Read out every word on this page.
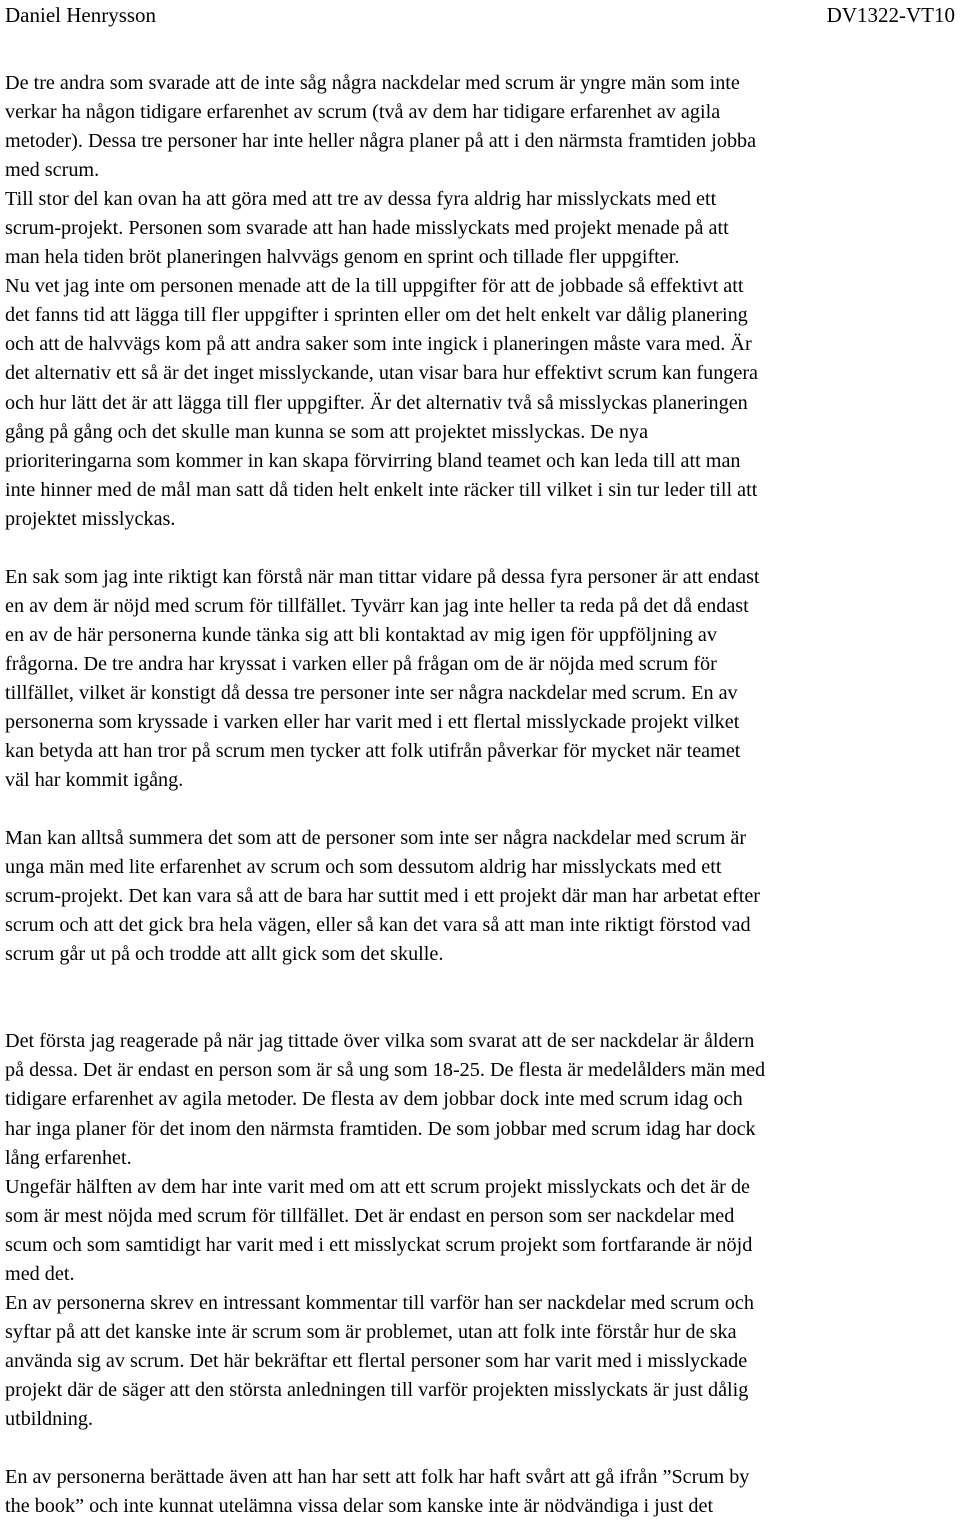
Daniel Henrysson	DV1322-VT10

De tre andra som svarade att de inte såg några nackdelar med scrum är yngre män som inte
verkar ha någon tidigare erfarenhet av scrum (två av dem har tidigare erfarenhet av agila
metoder). Dessa tre personer har inte heller några planer på att i den närmsta framtiden jobba
med scrum.
Till stor del kan ovan ha att göra med att tre av dessa fyra aldrig har misslyckats med ett
scrum-projekt. Personen som svarade att han hade misslyckats med projekt menade på att
man hela tiden bröt planeringen halvvägs genom en sprint och tillade fler uppgifter.
Nu vet jag inte om personen menade att de la till uppgifter för att de jobbade så effektivt att
det fanns tid att lägga till fler uppgifter i sprinten eller om det helt enkelt var dålig planering
och att de halvvägs kom på att andra saker som inte ingick i planeringen måste vara med. Är
det alternativ ett så är det inget misslyckande, utan visar bara hur effektivt scrum kan fungera
och hur lätt det är att lägga till fler uppgifter. Är det alternativ två så misslyckas planeringen
gång på gång och det skulle man kunna se som att projektet misslyckas. De nya
prioriteringarna som kommer in kan skapa förvirring bland teamet och kan leda till att man
inte hinner med de mål man satt då tiden helt enkelt inte räcker till vilket i sin tur leder till att
projektet misslyckas.

En sak som jag inte riktigt kan förstå när man tittar vidare på dessa fyra personer är att endast
en av dem är nöjd med scrum för tillfället. Tyvärr kan jag inte heller ta reda på det då endast
en av de här personerna kunde tänka sig att bli kontaktad av mig igen för uppföljning av
frågorna. De tre andra har kryssat i varken eller på frågan om de är nöjda med scrum för
tillfället, vilket är konstigt då dessa tre personer inte ser några nackdelar med scrum. En av
personerna som kryssade i varken eller har varit med i ett flertal misslyckade projekt vilket
kan betyda att han tror på scrum men tycker att folk utifrån påverkar för mycket när teamet
väl har kommit igång.

Man kan alltså summera det som att de personer som inte ser några nackdelar med scrum är
unga män med lite erfarenhet av scrum och som dessutom aldrig har misslyckats med ett
scrum-projekt. Det kan vara så att de bara har suttit med i ett projekt där man har arbetat efter
scrum och att det gick bra hela vägen, eller så kan det vara så att man inte riktigt förstod vad
scrum går ut på och trodde att allt gick som det skulle.

Det första jag reagerade på när jag tittade över vilka som svarat att de ser nackdelar är åldern
på dessa. Det är endast en person som är så ung som 18-25. De flesta är medelålders män med
tidigare erfarenhet av agila metoder. De flesta av dem jobbar dock inte med scrum idag och
har inga planer för det inom den närmsta framtiden. De som jobbar med scrum idag har dock
lång erfarenhet.
Ungefär hälften av dem har inte varit med om att ett scrum projekt misslyckats och det är de
som är mest nöjda med scrum för tillfället. Det är endast en person som ser nackdelar med
scum och som samtidigt har varit med i ett misslyckat scrum projekt som fortfarande är nöjd
med det.
En av personerna skrev en intressant kommentar till varför han ser nackdelar med scrum och
syftar på att det kanske inte är scrum som är problemet, utan att folk inte förstår hur de ska
använda sig av scrum. Det här bekräftar ett flertal personer som har varit med i misslyckade
projekt där de säger att den största anledningen till varför projekten misslyckats är just dålig
utbildning.

En av personerna berättade även att han har sett att folk har haft svårt att gå ifrån ”Scrum by
the book” och inte kunnat utelämna vissa delar som kanske inte är nödvändiga i just det
